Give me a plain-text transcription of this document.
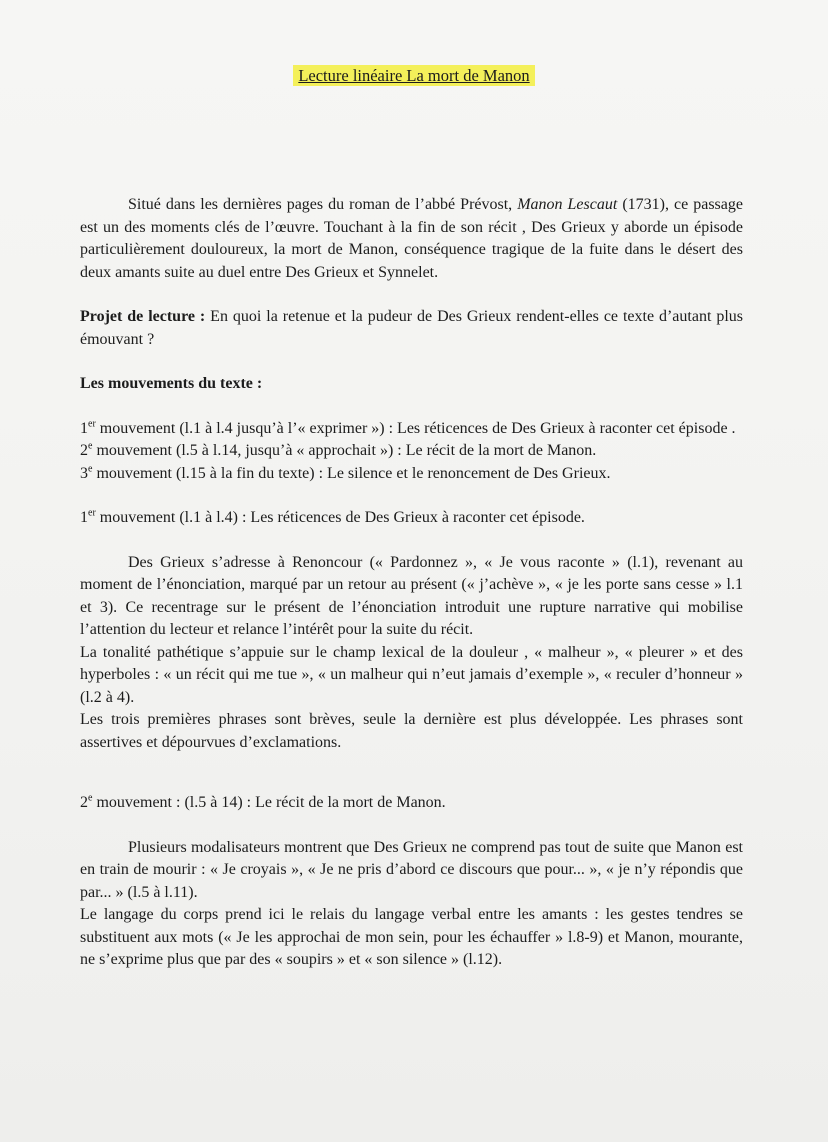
Lecture linéaire La mort de Manon

Situé dans les dernières pages du roman de l’abbé Prévost, Manon Lescaut (1731), ce passage est un des moments clés de l’œuvre. Touchant à la fin de son récit , Des Grieux y aborde un épisode particulièrement douloureux, la mort de Manon, conséquence tragique de la fuite dans le désert des deux amants suite au duel entre Des Grieux et Synnelet.

Projet de lecture : En quoi la retenue et la pudeur de Des Grieux rendent-elles ce texte d’autant plus émouvant ?

Les mouvements du texte :

1er mouvement (l.1 à l.4 jusqu’à l’« exprimer ») : Les réticences de Des Grieux à raconter cet épisode .

2e mouvement (l.5 à l.14, jusqu’à « approchait ») : Le récit de la mort de Manon.

3e mouvement (l.15 à la fin du texte) : Le silence et le renoncement de Des Grieux.

1er mouvement (l.1 à l.4) : Les réticences de Des Grieux à raconter cet épisode.

Des Grieux s’adresse à Renoncour (« Pardonnez », « Je vous raconte » (l.1), revenant au moment de l’énonciation, marqué par un retour au présent (« j’achève », « je les porte sans cesse » l.1 et 3). Ce recentrage sur le présent de l’énonciation introduit une rupture narrative qui mobilise l’attention du lecteur et relance l’intérêt pour la suite du récit.

La tonalité pathétique s’appuie sur le champ lexical de la douleur , « malheur », « pleurer » et des hyperboles : « un récit qui me tue », « un malheur qui n’eut jamais d’exemple », « reculer d’honneur » (l.2 à 4).

Les trois premières phrases sont brèves, seule la dernière est plus développée. Les phrases sont assertives et dépourvues d’exclamations.

2e mouvement : (l.5 à 14) : Le récit de la mort de Manon.

Plusieurs modalisateurs montrent que Des Grieux ne comprend pas tout de suite que Manon est en train de mourir : « Je croyais », « Je ne pris d’abord ce discours que pour... », « je n’y répondis que par... » (l.5 à l.11).

Le langage du corps prend ici le relais du langage verbal entre les amants : les gestes tendres se substituent aux mots (« Je les approchai de mon sein, pour les échauffer » l.8-9) et Manon, mourante, ne s’exprime plus que par des « soupirs » et « son silence » (l.12).
